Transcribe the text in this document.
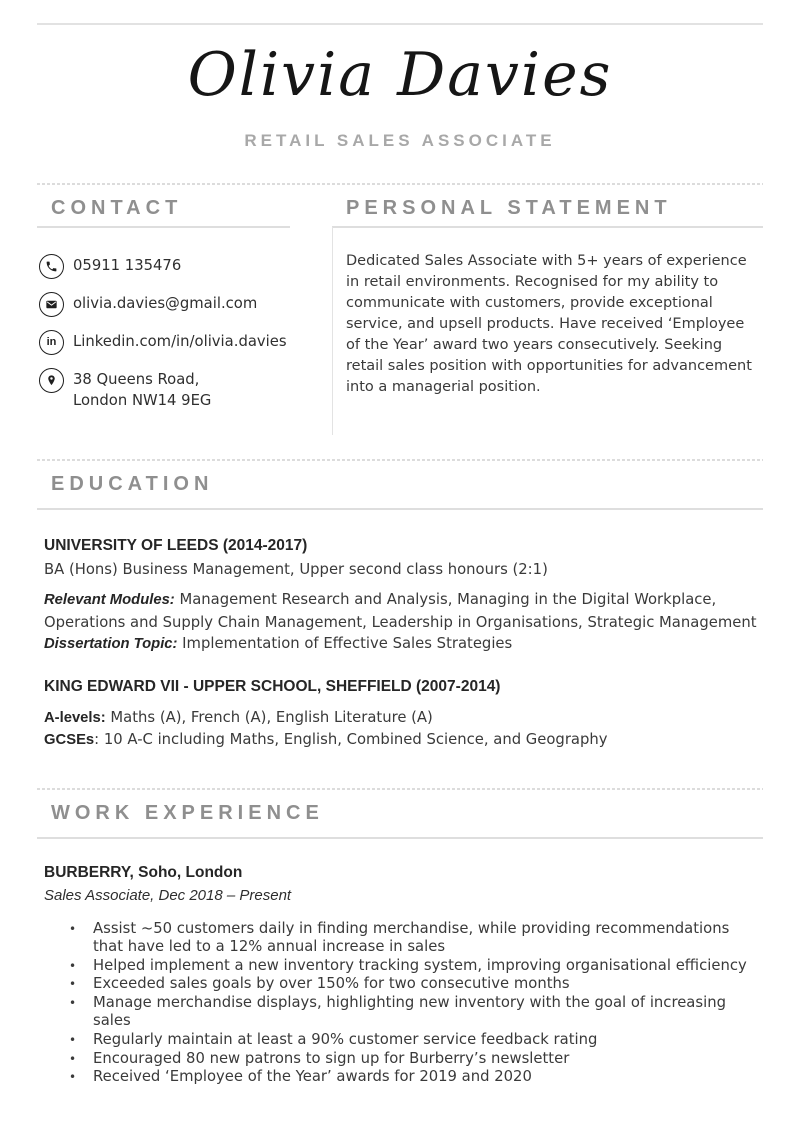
Olivia Davies
RETAIL SALES ASSOCIATE
CONTACT
05911 135476
olivia.davies@gmail.com
in Linkedin.com/in/olivia.davies
38 Queens Road,
London NW14 9EG
PERSONAL STATEMENT

Dedicated Sales Associate with 5+ years of experience in retail environments. Recognised for my ability to communicate with customers, provide exceptional service, and upsell products. Have received ‘Employee of the Year’ award two years consecutively. Seeking retail sales position with opportunities for advancement into a managerial position.

EDUCATION
UNIVERSITY OF LEEDS (2014-2017)
BA (Hons) Business Management, Upper second class honours (2:1)

Relevant Modules: Management Research and Analysis, Managing in the Digital Workplace, Operations and Supply Chain Management, Leadership in Organisations, Strategic Management

Dissertation Topic: Implementation of Effective Sales Strategies

KING EDWARD VII - UPPER SCHOOL, SHEFFIELD (2007-2014)
A-levels: Maths (A), French (A), English Literature (A)
GCSEs: 10 A-C including Maths, English, Combined Science, and Geography
WORK EXPERIENCE
BURBERRY, Soho, London
Sales Associate, Dec 2018 – Present
• Assist ~50 customers daily in finding merchandise, while providing recommendations that have led to a 12% annual increase in sales
• Helped implement a new inventory tracking system, improving organisational efficiency
• Exceeded sales goals by over 150% for two consecutive months
• Manage merchandise displays, highlighting new inventory with the goal of increasing sales
• Regularly maintain at least a 90% customer service feedback rating
• Encouraged 80 new patrons to sign up for Burberry’s newsletter
• Received ‘Employee of the Year’ awards for 2019 and 2020
